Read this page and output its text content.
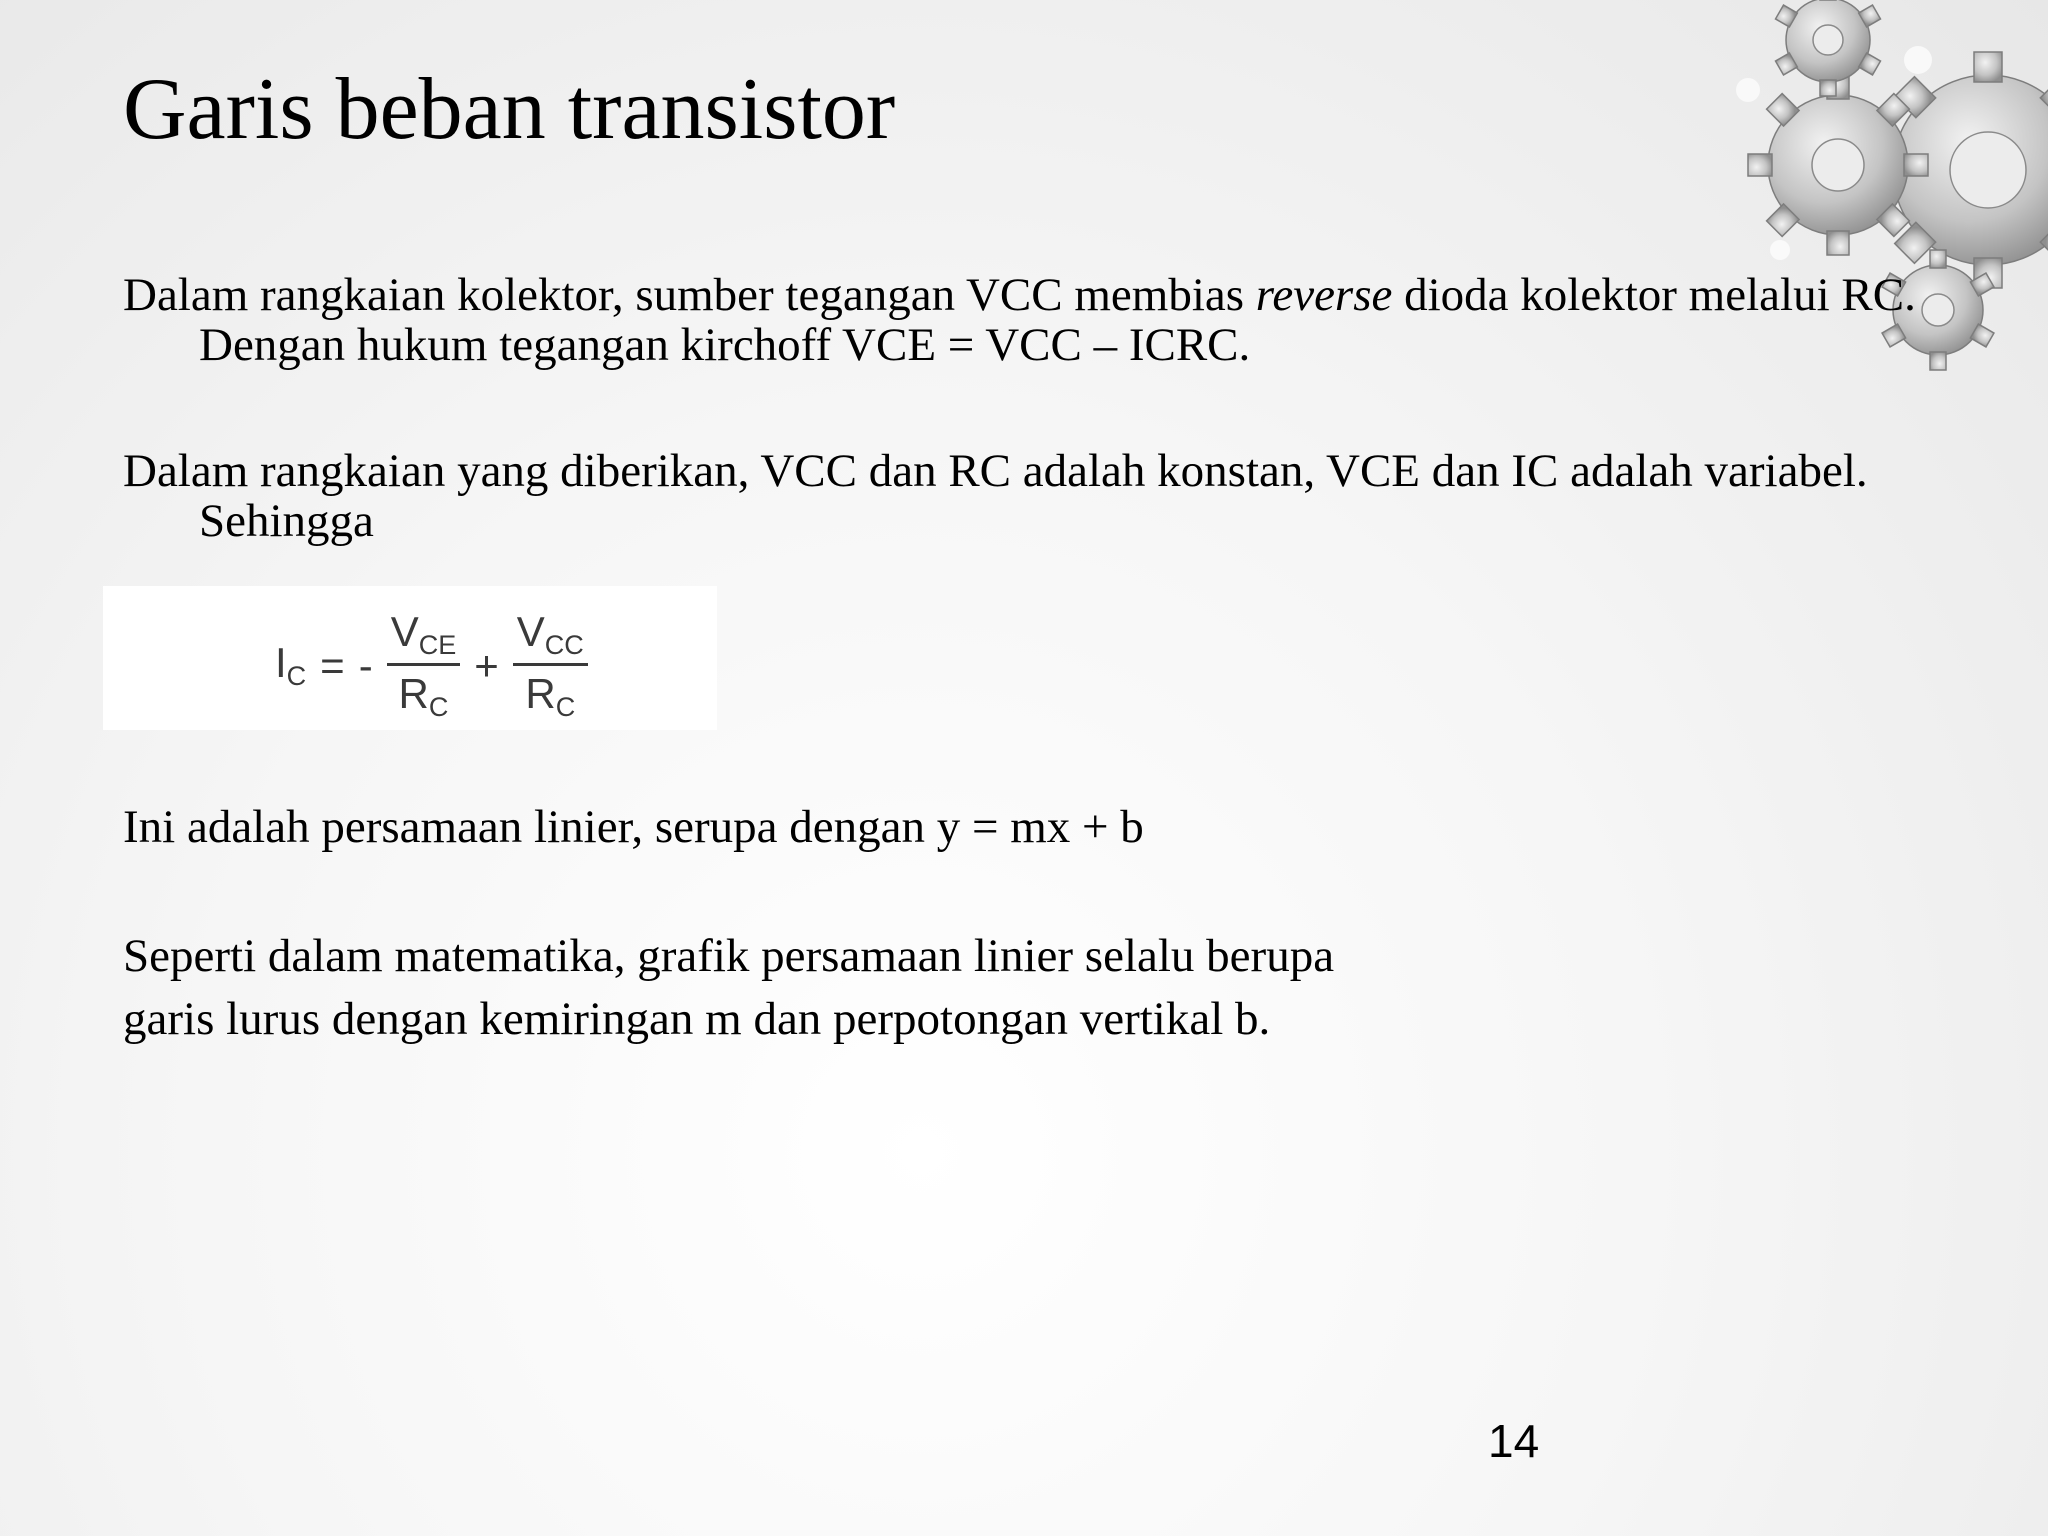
Garis beban transistor

Dalam rangkaian kolektor, sumber tegangan VCC membias reverse dioda kolektor melalui RC. Dengan hukum tegangan kirchoff VCE = VCC – ICRC.

Dalam rangkaian yang diberikan, VCC dan RC adalah konstan, VCE dan IC adalah variabel. Sehingga

$I_C$ = - $\frac{V_{CE}}{R_C} + \frac{V_{CC}}{R_C}$

Ini adalah persamaan linier, serupa dengan y = mx + b

Seperti dalam matematika, grafik persamaan linier selalu berupa
garis lurus dengan kemiringan m dan perpotongan vertikal b.
14
